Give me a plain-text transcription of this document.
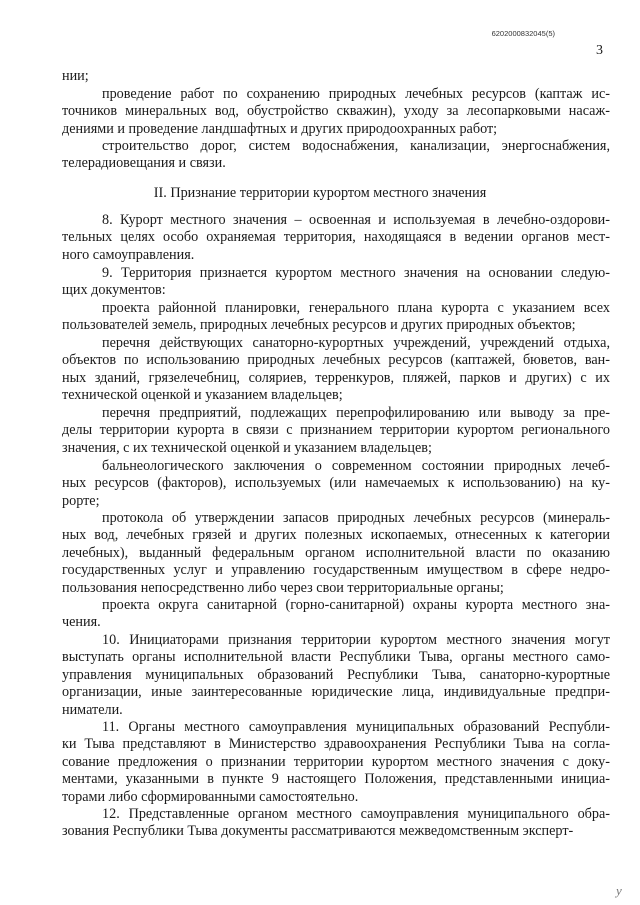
6202000832045(5)
3
нии;
проведение работ по сохранению природных лечебных ресурсов (каптаж ис-
точников минеральных вод, обустройство скважин), уходу за лесопарковыми насаж-
дениями и проведение ландшафтных и других природоохранных работ;
строительство дорог, систем водоснабжения, канализации, энергоснабжения,
телерадиовещания и связи.
II. Признание территории курортом местного значения
8. Курорт местного значения – освоенная и используемая в лечебно-оздорови-
тельных целях особо охраняемая территория, находящаяся в ведении органов мест-
ного самоуправления.
9. Территория признается курортом местного значения на основании следую-
щих документов:
проекта районной планировки, генерального плана курорта с указанием всех
пользователей земель, природных лечебных ресурсов и других природных объектов;
перечня действующих санаторно-курортных учреждений, учреждений отдыха,
объектов по использованию природных лечебных ресурсов (каптажей, бюветов, ван-
ных зданий, грязелечебниц, соляриев, терренкуров, пляжей, парков и других) с их
технической оценкой и указанием владельцев;
перечня предприятий, подлежащих перепрофилированию или выводу за пре-
делы территории курорта в связи с признанием территории курортом регионального
значения, с их технической оценкой и указанием владельцев;
бальнеологического заключения о современном состоянии природных лечеб-
ных ресурсов (факторов), используемых (или намечаемых к использованию) на ку-
рорте;
протокола об утверждении запасов природных лечебных ресурсов (минераль-
ных вод, лечебных грязей и других полезных ископаемых, отнесенных к категории
лечебных), выданный федеральным органом исполнительной власти по оказанию
государственных услуг и управлению государственным имуществом в сфере недро-
пользования непосредственно либо через свои территориальные органы;
проекта округа санитарной (горно-санитарной) охраны курорта местного зна-
чения.
10. Инициаторами признания территории курортом местного значения могут
выступать органы исполнительной власти Республики Тыва, органы местного само-
управления муниципальных образований Республики Тыва, санаторно-курортные
организации, иные заинтересованные юридические лица, индивидуальные предпри-
ниматели.
11. Органы местного самоуправления муниципальных образований Республи-
ки Тыва представляют в Министерство здравоохранения Республики Тыва на согла-
сование предложения о признании территории курортом местного значения с доку-
ментами, указанными в пункте 9 настоящего Положения, представленными инициа-
торами либо сформированными самостоятельно.
12. Представленные органом местного самоуправления муниципального обра-
зования Республики Тыва документы рассматриваются межведомственным эксперт-
у
